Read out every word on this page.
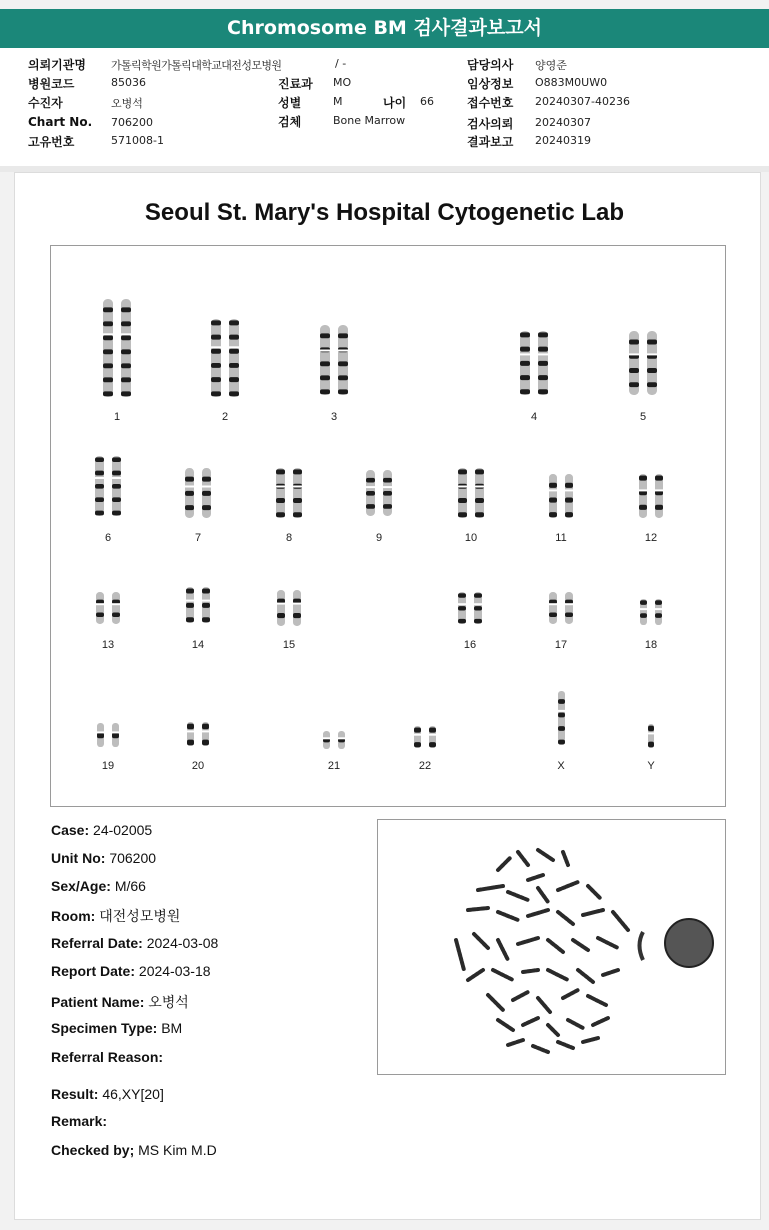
Chromosome BM 검사결과보고서
의뢰기관명 가톨릭학원가톨릭대학교대전성모병원	/ -
병원코드	85036
수진자	오병석
Chart No. 706200
고유번호	571008-1
진료과 MO
성별	M	나이 66
검체	Bone Marrow
담당의사 양영준
임상정보 O883M0UW0
접수번호 20240307-40236
검사의뢰 20240307
결과보고 20240319
Seoul St. Mary's Hospital Cytogenetic Lab
1	2	3	4	5
6	7	8	9	10	11	12
13	14	15	16	17	18
19	20	21	22	X	Y
Case: 24-02005
Unit No: 706200
Sex/Age: M/66
Room: 대전성모병원
Referral Date: 2024-03-08
Report Date: 2024-03-18
Patient Name: 오병석
Specimen Type: BM
Referral Reason:
Result: 46,XY[20]
Remark:
Checked by; MS Kim M.D
